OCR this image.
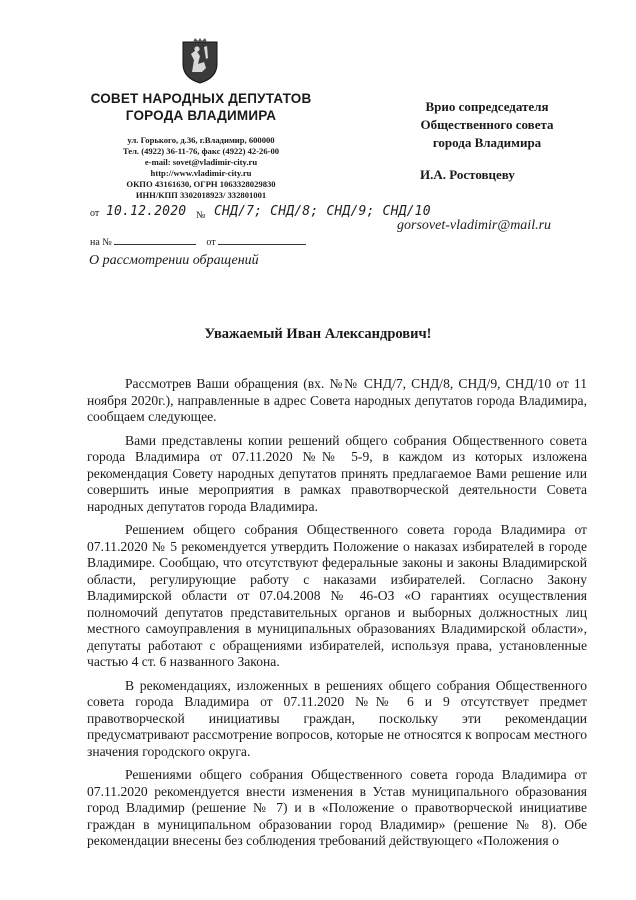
СОВЕТ НАРОДНЫХ ДЕПУТАТОВ
ГОРОДА ВЛАДИМИРА
ул. Горького, д.36, г.Владимир, 600000
Тел. (4922) 36-11-76, факс (4922) 42-26-00
e-mail: sovet@vladimir-city.ru
http://www.vladimir-city.ru
ОКПО 43161630, ОГРН 1063328029830
ИНН/КПП 3302018923/ 332801001
Врио сопредседателя
Общественного совета
города Владимира
И.А. Ростовцеву
от 10.12.2020 № СНД/7; СНД/8; СНД/9; СНД/10
на №	от
gorsovet-vladimir@mail.ru
О рассмотрении обращений
Уважаемый Иван Александрович!

Рассмотрев Ваши обращения (вх. №№ СНД/7, СНД/8, СНД/9, СНД/10 от 11 ноября 2020г.), направленные в адрес Совета народных депутатов города Владимира, сообщаем следующее.

Вами представлены копии решений общего собрания Общественного совета города Владимира от 07.11.2020 №№ 5-9, в каждом из которых изложена рекомендация Совету народных депутатов принять предлагаемое Вами решение или совершить иные мероприятия в рамках правотворческой деятельности Совета народных депутатов города Владимира.

Решением общего собрания Общественного совета города Владимира от 07.11.2020 № 5 рекомендуется утвердить Положение о наказах избирателей в городе Владимире. Сообщаю, что отсутствуют федеральные законы и законы Владимирской области, регулирующие работу с наказами избирателей. Согласно Закону Владимирской области от 07.04.2008 № 46-ОЗ «О гарантиях осуществления полномочий депутатов представительных органов и выборных должностных лиц местного самоуправления в муниципальных образованиях Владимирской области», депутаты работают с обращениями избирателей, используя права, установленные частью 4 ст. 6 названного Закона.

В рекомендациях, изложенных в решениях общего собрания Общественного совета города Владимира от 07.11.2020 №№ 6 и 9 отсутствует предмет правотворческой инициативы граждан, поскольку эти рекомендации предусматривают рассмотрение вопросов, которые не относятся к вопросам местного значения городского округа.

Решениями общего собрания Общественного совета города Владимира от 07.11.2020 рекомендуется внести изменения в Устав муниципального образования город Владимир (решение № 7) и в «Положение о правотворческой инициативе граждан в муниципальном образовании город Владимир» (решение № 8). Обе рекомендации внесены без соблюдения требований действующего «Положения о
